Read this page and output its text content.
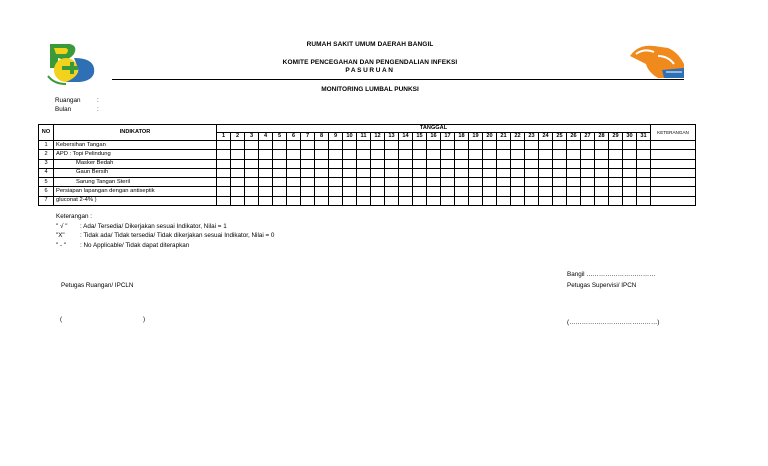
RUMAH SAKIT UMUM DAERAH BANGIL
KOMITE PENCEGAHAN DAN PENGENDALIAN INFEKSI
PASURUAN
MONITORING LUMBAL PUNKSI
Ruangan	:
Bulan	:
NO	INDIKATOR	TANGGAL																															KETERANGAN
		1	2	3	4	5	6	7	8	9	10	11	12	13	14	15	16	17	18	19	20	21	22	23	24	25	26	27	28	29	30	31	
1	Kebersihan Tangan																																
2	APD : Topi Pelindung																																
3	Masker Bedah																																
4	Gaun Bersih																																
5	Sarung Tangan Steril																																
6	Persiapan lapangan dengan antiseptik																																
7	gluconat 2-4% )																																
Keterangan :
" √ " : Ada/ Tersedia/ Dikerjakan sesuai Indikator, Nilai = 1
"X" : Tidak ada/ Tidak tersedia/ Tidak dikerjakan sesuai Indikator, Nilai = 0
" - " : No Applicable/ Tidak dapat diterapkan
Petugas Ruangan/ IPCLN
(	)
Bangil ……………………………
Petugas Supervisi/ IPCN
(……………………………………)
